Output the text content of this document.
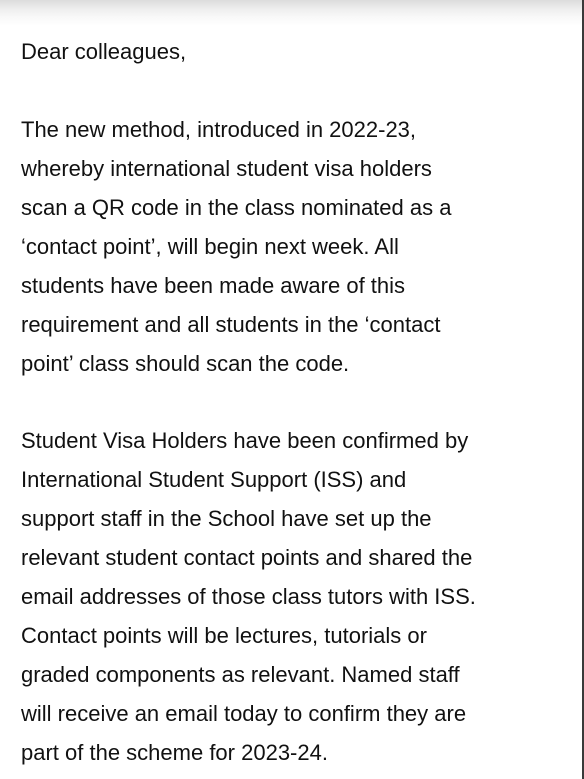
Dear colleagues,
The new method, introduced in 2022-23,
whereby international student visa holders
scan a QR code in the class nominated as a
‘contact point’, will begin next week. All
students have been made aware of this
requirement and all students in the ‘contact
point’ class should scan the code.
Student Visa Holders have been confirmed by
International Student Support (ISS) and
support staff in the School have set up the
relevant student contact points and shared the
email addresses of those class tutors with ISS.
Contact points will be lectures, tutorials or
graded components as relevant. Named staff
will receive an email today to confirm they are
part of the scheme for 2023-24.
